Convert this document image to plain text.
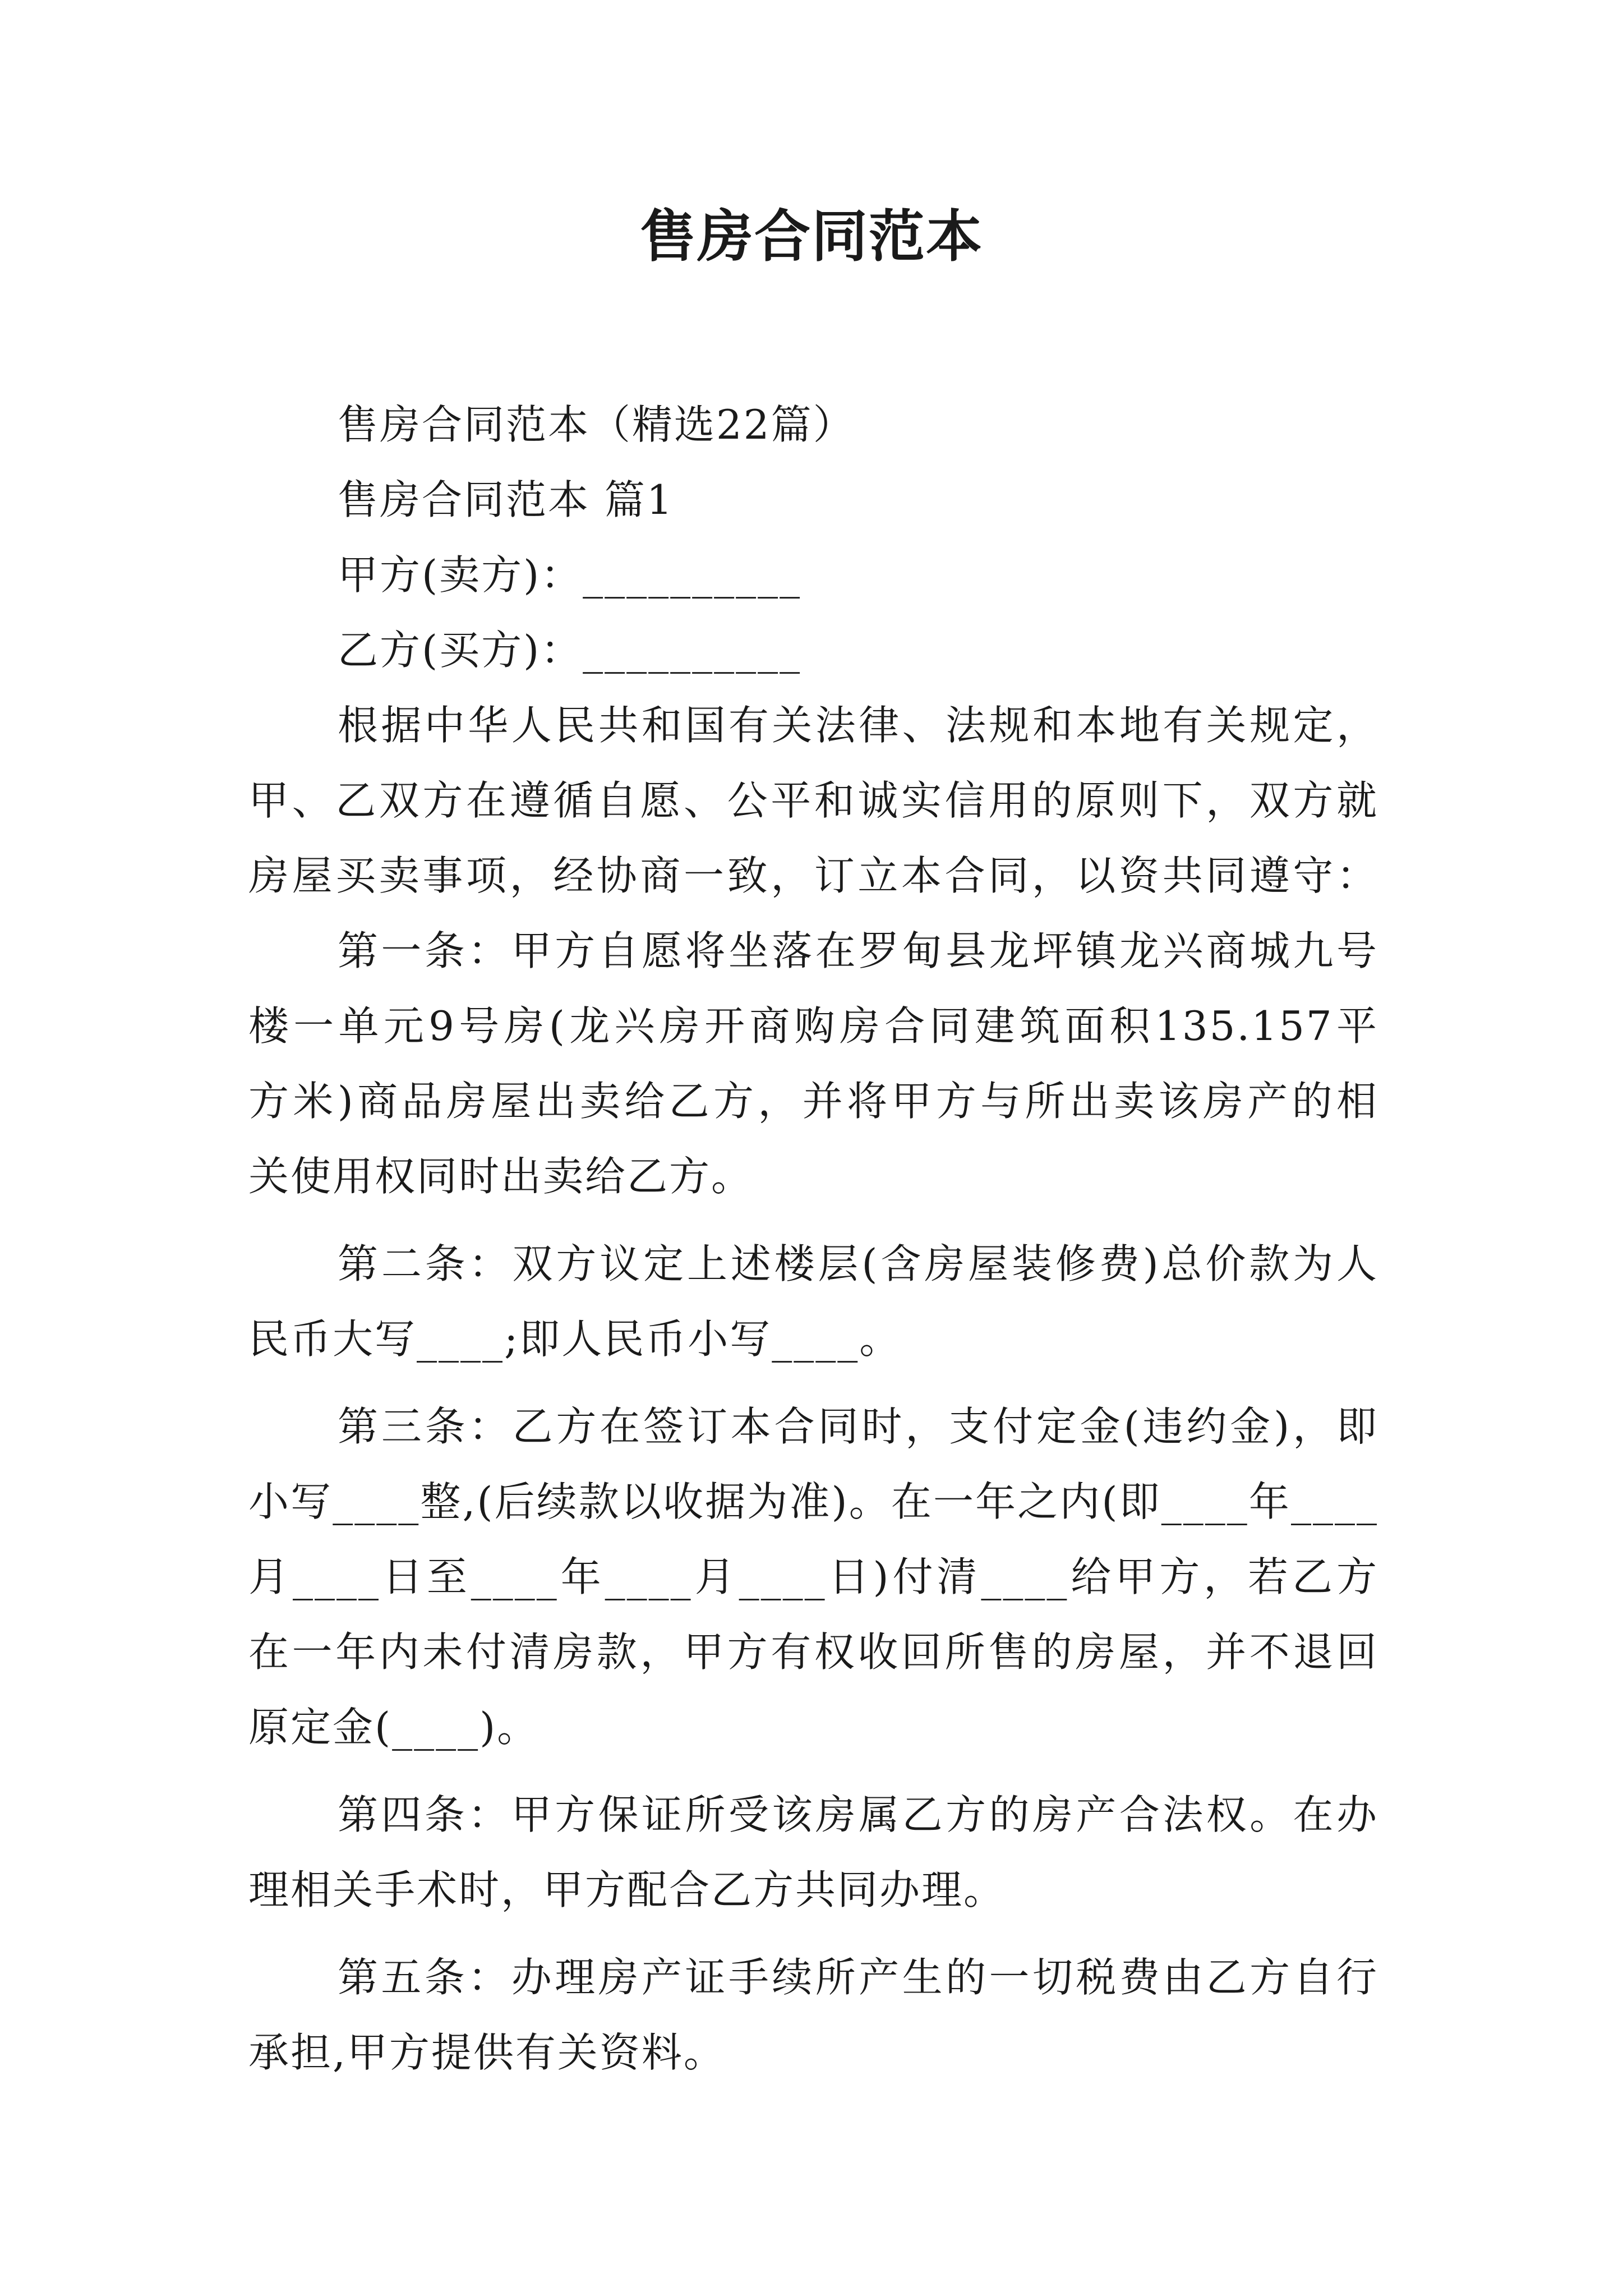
售房合同范本
售房合同范本（精选22篇）
售房合同范本 篇1
甲方(卖方)：__________
乙方(买方)：__________
根据中华人民共和国有关法律、法规和本地有关规定，
甲、乙双方在遵循自愿、公平和诚实信用的原则下，双方就
房屋买卖事项，经协商一致，订立本合同，以资共同遵守：
第一条：甲方自愿将坐落在罗甸县龙坪镇龙兴商城九号
楼一单元9号房(龙兴房开商购房合同建筑面积135.157平
方米)商品房屋出卖给乙方，并将甲方与所出卖该房产的相
关使用权同时出卖给乙方。
第二条：双方议定上述楼层(含房屋装修费)总价款为人
民币大写____;即人民币小写____。
第三条：乙方在签订本合同时，支付定金(违约金)，即
小写____整,(后续款以收据为准)。在一年之内(即____年____
月____日至____年____月____日)付清____给甲方，若乙方
在一年内未付清房款，甲方有权收回所售的房屋，并不退回
原定金(____)。
第四条：甲方保证所受该房属乙方的房产合法权。在办
理相关手术时，甲方配合乙方共同办理。
第五条：办理房产证手续所产生的一切税费由乙方自行
承担,甲方提供有关资料。
